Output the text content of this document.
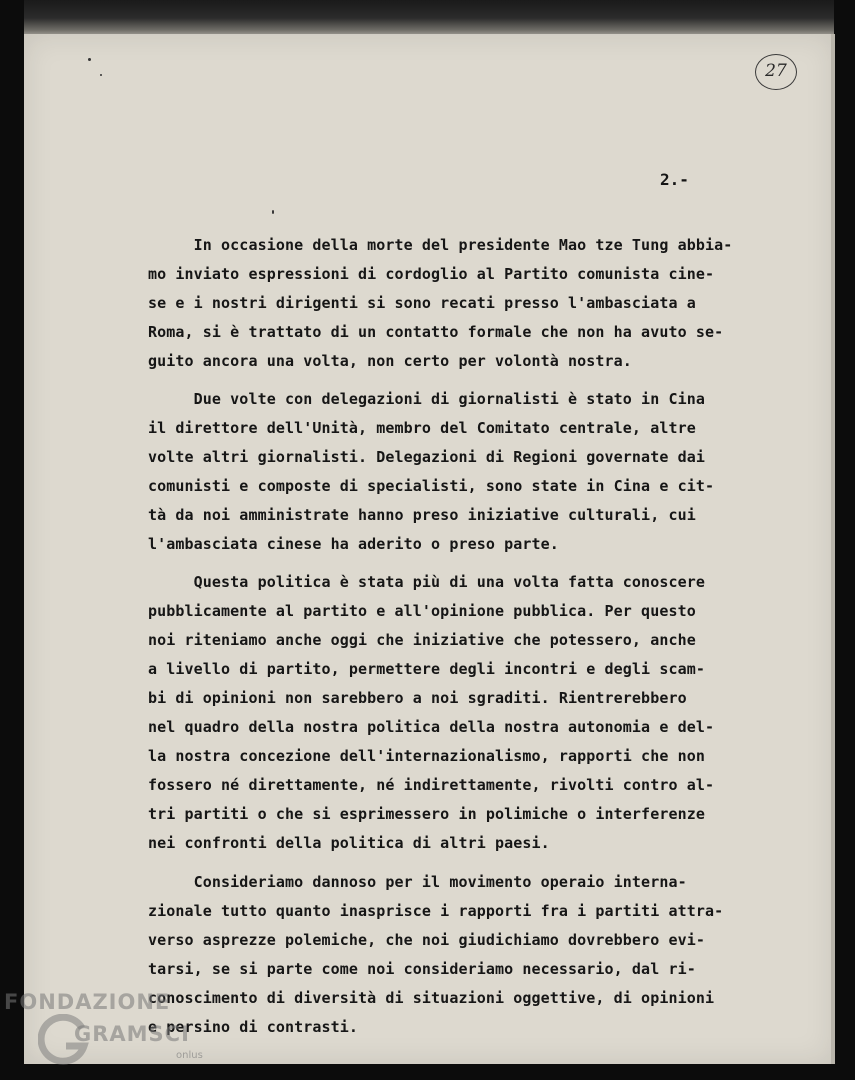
27
2.-
In occasione della morte del presidente Mao tze Tung abbia-
mo inviato espressioni di cordoglio al Partito comunista cine-
se e i nostri dirigenti si sono recati presso l'ambasciata a
Roma, si è trattato di un contatto formale che non ha avuto se-
guito ancora una volta, non certo per volontà nostra.
Due volte con delegazioni di giornalisti è stato in Cina
il direttore dell'Unità, membro del Comitato centrale, altre
volte altri giornalisti. Delegazioni di Regioni governate dai
comunisti e composte di specialisti, sono state in Cina e cit-
tà da noi amministrate hanno preso iniziative culturali, cui
l'ambasciata cinese ha aderito o preso parte.
Questa politica è stata più di una volta fatta conoscere
pubblicamente al partito e all'opinione pubblica. Per questo
noi riteniamo anche oggi che iniziative che potessero, anche
a livello di partito, permettere degli incontri e degli scam-
bi di opinioni non sarebbero a noi sgraditi. Rientrerebbero
nel quadro della nostra politica della nostra autonomia e del-
la nostra concezione dell'internazionalismo, rapporti che non
fossero né direttamente, né indirettamente, rivolti contro al-
tri partiti o che si esprimessero in polimiche o interferenze
nei confronti della politica di altri paesi.
Consideriamo dannoso per il movimento operaio interna-
zionale tutto quanto inasprisce i rapporti fra i partiti attra-
verso asprezze polemiche, che noi giudichiamo dovrebbero evi-
tarsi, se si parte come noi consideriamo necessario, dal ri-
conoscimento di diversità di situazioni oggettive, di opinioni
e persino di contrasti.
FONDAZIONE
GRAMSCI
onlus
